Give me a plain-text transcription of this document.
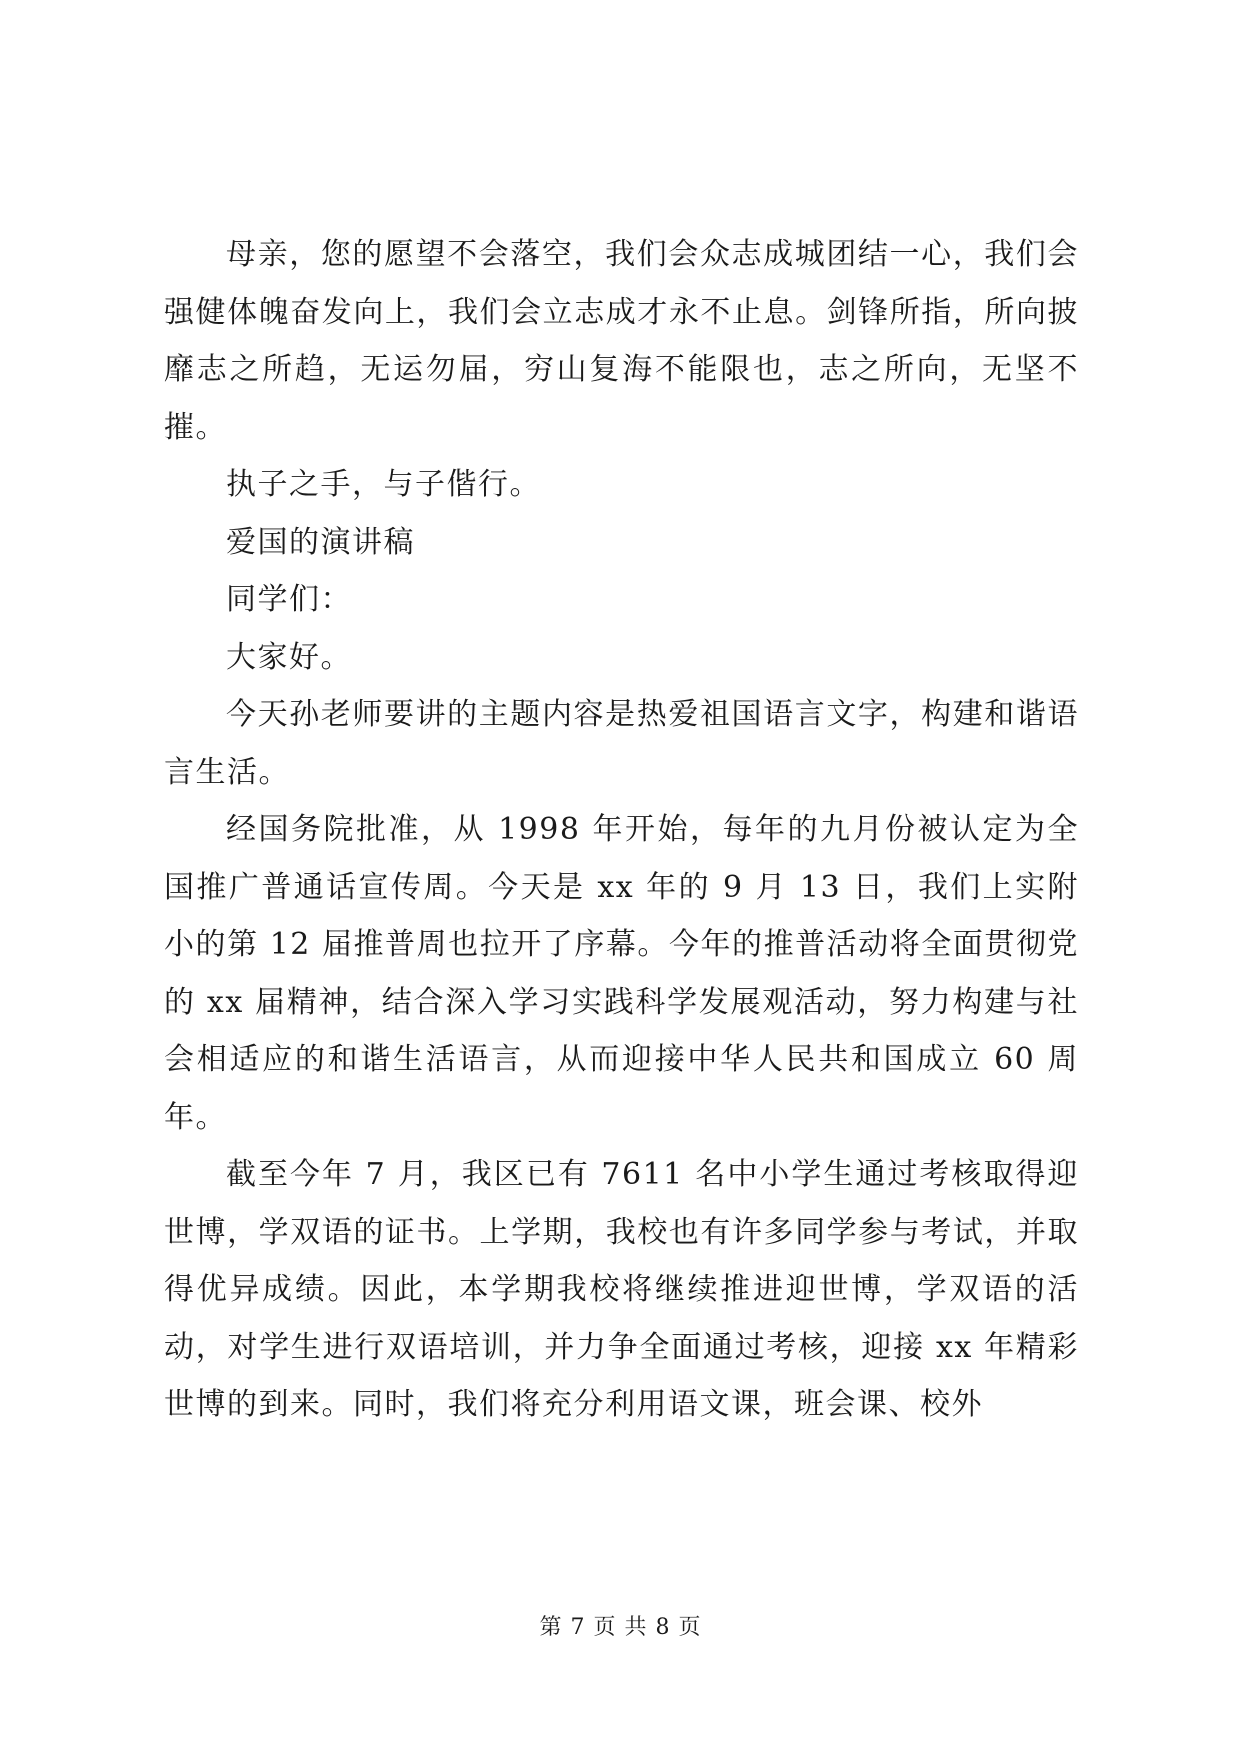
母亲，您的愿望不会落空，我们会众志成城团结一心，我们会强健体魄奋发向上，我们会立志成才永不止息。剑锋所指，所向披靡志之所趋，无运勿届，穷山复海不能限也，志之所向，无坚不摧。

执子之手，与子偕行。

爱国的演讲稿

同学们：

大家好。

今天孙老师要讲的主题内容是热爱祖国语言文字，构建和谐语言生活。

经国务院批准，从 1998 年开始，每年的九月份被认定为全国推广普通话宣传周。今天是 xx 年的 9 月 13 日，我们上实附小的第 12 届推普周也拉开了序幕。今年的推普活动将全面贯彻党的 xx 届精神，结合深入学习实践科学发展观活动，努力构建与社会相适应的和谐生活语言，从而迎接中华人民共和国成立 60 周年。

截至今年 7 月，我区已有 7611 名中小学生通过考核取得迎世博，学双语的证书。上学期，我校也有许多同学参与考试，并取得优异成绩。因此，本学期我校将继续推进迎世博，学双语的活动，对学生进行双语培训，并力争全面通过考核，迎接 xx 年精彩世博的到来。同时，我们将充分利用语文课，班会课、校外

第 7 页 共 8 页
